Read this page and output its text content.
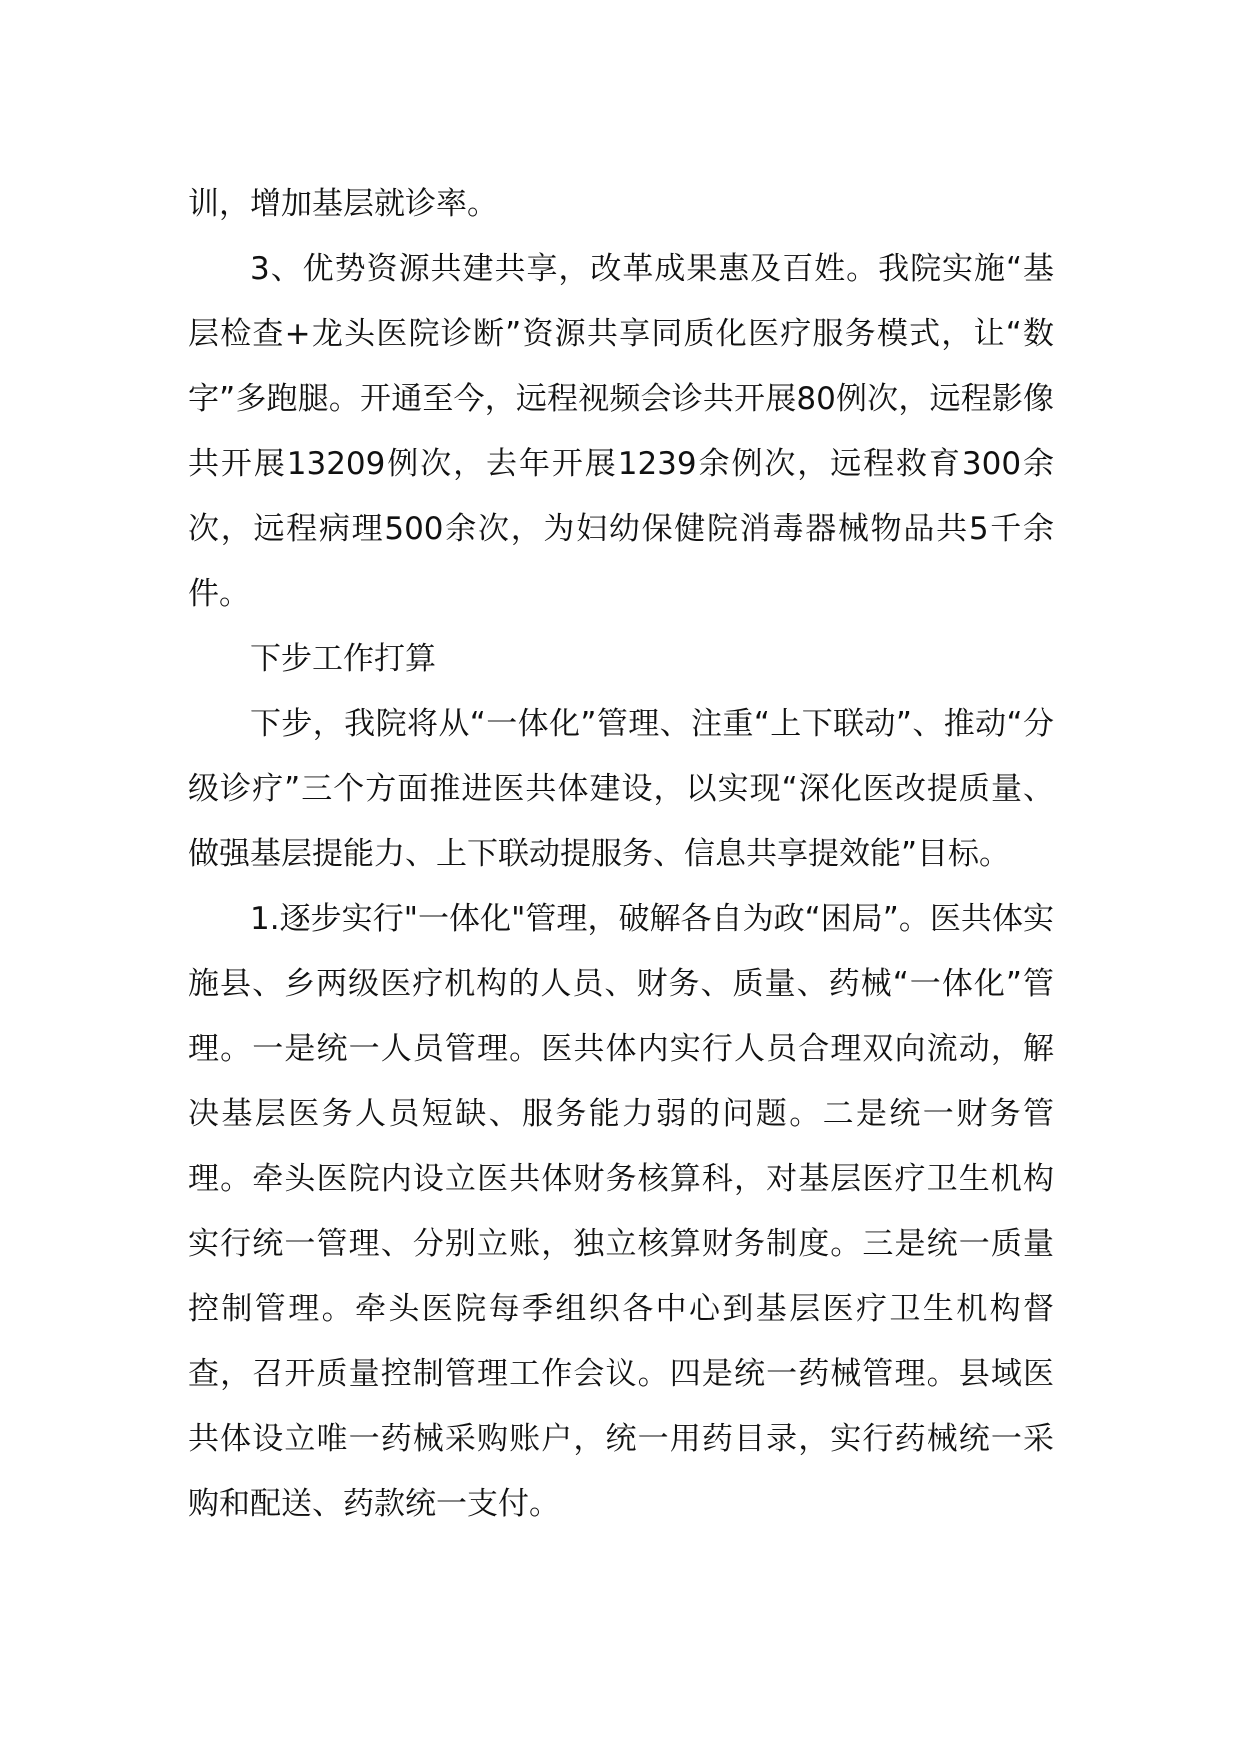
训，增加基层就诊率。

3、优势资源共建共享，改革成果惠及百姓。我院实施“基层检查+龙头医院诊断”资源共享同质化医疗服务模式，让“数字”多跑腿。开通至今，远程视频会诊共开展80例次，远程影像共开展13209例次，去年开展1239余例次，远程救育300余次，远程病理500余次，为妇幼保健院消毒器械物品共5千余件。

下步工作打算

下步，我院将从“一体化”管理、注重“上下联动”、推动“分级诊疗”三个方面推进医共体建设，以实现“深化医改提质量、做强基层提能力、上下联动提服务、信息共享提效能”目标。

1.逐步实行"一体化"管理，破解各自为政“困局”。医共体实施县、乡两级医疗机构的人员、财务、质量、药械“一体化”管理。一是统一人员管理。医共体内实行人员合理双向流动，解决基层医务人员短缺、服务能力弱的问题。二是统一财务管理。牵头医院内设立医共体财务核算科，对基层医疗卫生机构实行统一管理、分别立账，独立核算财务制度。三是统一质量控制管理。牵头医院每季组织各中心到基层医疗卫生机构督查，召开质量控制管理工作会议。四是统一药械管理。县域医共体设立唯一药械采购账户，统一用药目录，实行药械统一采购和配送、药款统一支付。
